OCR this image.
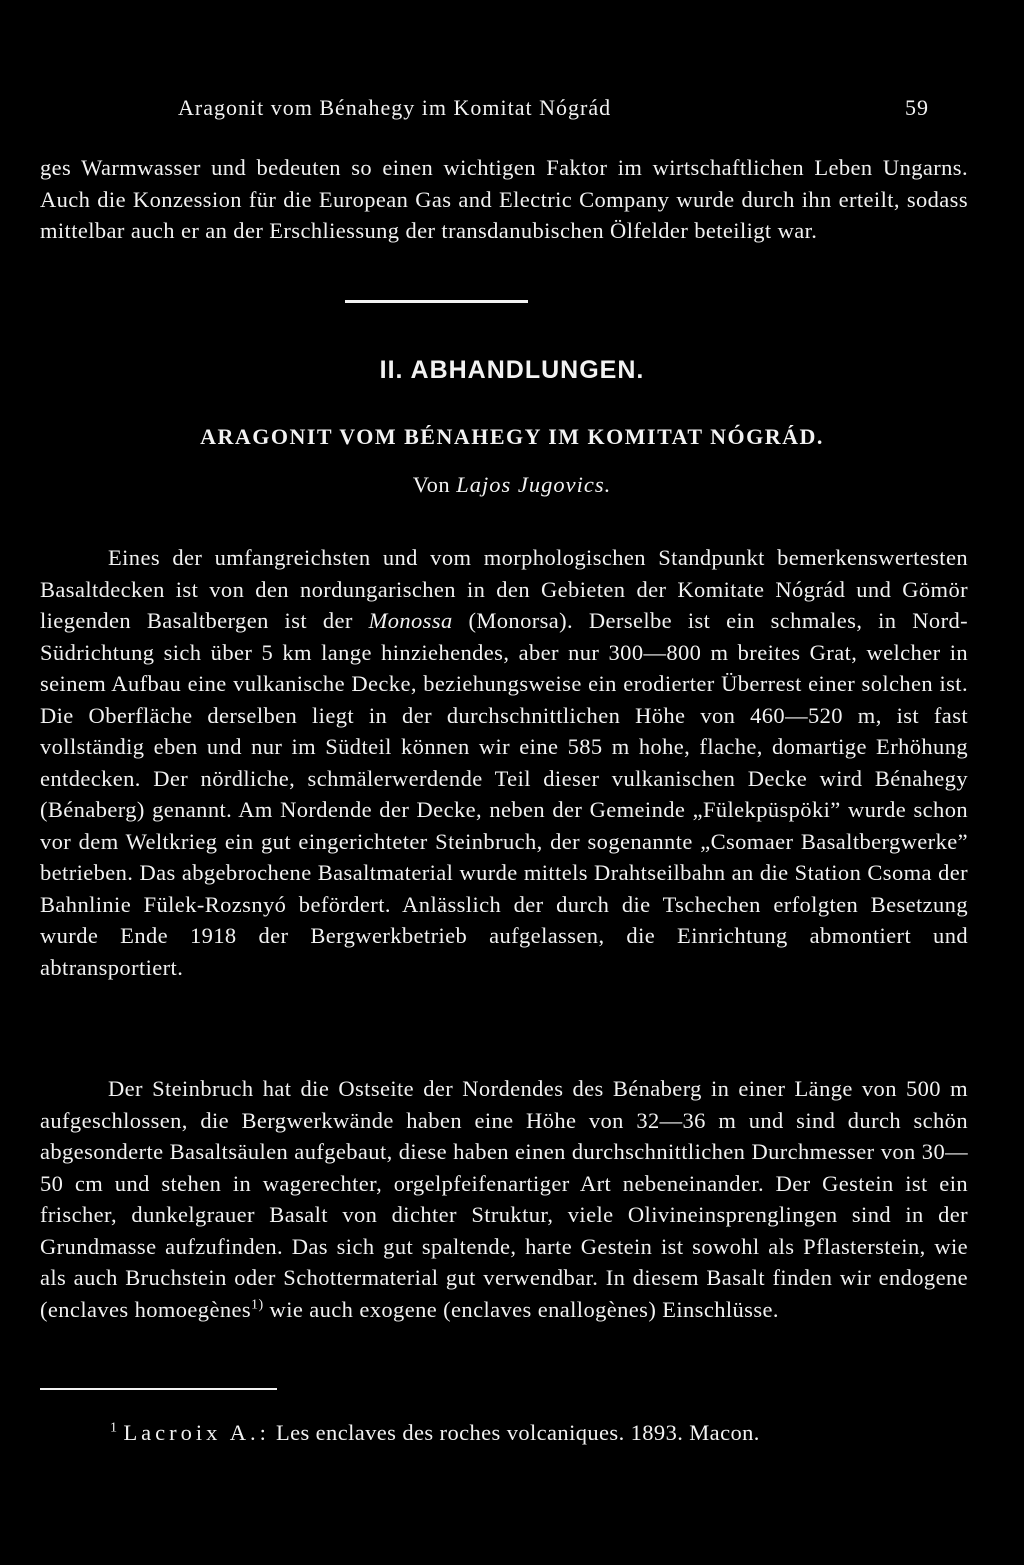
Aragonit vom Bénahegy im Komitat Nógrád	59

ges Warmwasser und bedeuten so einen wichtigen Faktor im wirtschaftlichen Leben Ungarns. Auch die Konzession für die European Gas and Electric Company wurde durch ihn erteilt, sodass mittelbar auch er an der Erschliessung der transdanubischen Ölfelder beteiligt war.

II. ABHANDLUNGEN.
ARAGONIT VOM BÉNAHEGY IM KOMITAT NÓGRÁD.

Von Lajos Jugovics.

Eines der umfangreichsten und vom morphologischen Standpunkt bemerkenswertesten Basaltdecken ist von den nordungarischen in den Gebieten der Komitate Nógrád und Gömör liegenden Basaltbergen ist der Monossa (Monorsa). Derselbe ist ein schmales, in Nord-Südrichtung sich über 5 km lange hinziehendes, aber nur 300—800 m breites Grat, welcher in seinem Aufbau eine vulkanische Decke, beziehungsweise ein erodierter Überrest einer solchen ist. Die Oberfläche derselben liegt in der durchschnittlichen Höhe von 460—520 m, ist fast vollständig eben und nur im Südteil können wir eine 585 m hohe, flache, domartige Erhöhung entdecken. Der nördliche, schmälerwerdende Teil dieser vulkanischen Decke wird Bénahegy (Bénaberg) genannt. Am Nordende der Decke, neben der Gemeinde „Fülekpüspöki” wurde schon vor dem Weltkrieg ein gut eingerichteter Steinbruch, der sogenannte „Csomaer Basaltbergwerke” betrieben. Das abgebrochene Basaltmaterial wurde mittels Drahtseilbahn an die Station Csoma der Bahnlinie Fülek-Rozsnyó befördert. Anlässlich der durch die Tschechen erfolgten Besetzung wurde Ende 1918 der Bergwerkbetrieb aufgelassen, die Einrichtung abmontiert und abtransportiert.

Der Steinbruch hat die Ostseite der Nordendes des Bénaberg in einer Länge von 500 m aufgeschlossen, die Bergwerkwände haben eine Höhe von 32—36 m und sind durch schön abgesonderte Basaltsäulen aufgebaut, diese haben einen durchschnittlichen Durchmesser von 30—50 cm und stehen in wagerechter, orgelpfeifenartiger Art nebeneinander. Der Gestein ist ein frischer, dunkelgrauer Basalt von dichter Struktur, viele Olivineinsprenglingen sind in der Grundmasse aufzufinden. Das sich gut spaltende, harte Gestein ist sowohl als Pflasterstein, wie als auch Bruchstein oder Schottermaterial gut verwendbar. In diesem Basalt finden wir endogene (enclaves homoegènes$^{1)}$ wie auch exogene (enclaves enallogènes) Einschlüsse.

$^1$ Lacroix A.: Les enclaves des roches volcaniques. 1893. Macon.
